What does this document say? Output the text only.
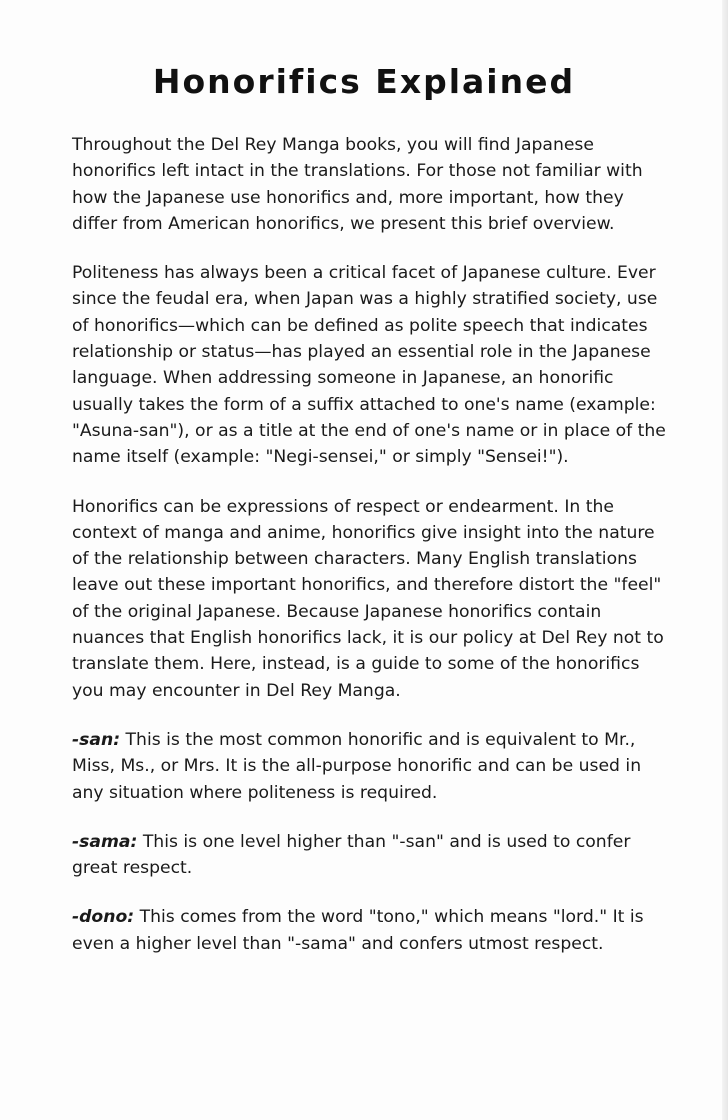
Honorifics Explained

Throughout the Del Rey Manga books, you will find Japanese honorifics left intact in the translations. For those not familiar with how the Japanese use honorifics and, more important, how they differ from American honorifics, we present this brief overview.

Politeness has always been a critical facet of Japanese culture. Ever since the feudal era, when Japan was a highly stratified society, use of honorifics—which can be defined as polite speech that indicates relationship or status—has played an essential role in the Japanese language. When addressing someone in Japanese, an honorific usually takes the form of a suffix attached to one's name (example: "Asuna-san"), or as a title at the end of one's name or in place of the name itself (example: "Negi-sensei," or simply "Sensei!").

Honorifics can be expressions of respect or endearment. In the context of manga and anime, honorifics give insight into the nature of the relationship between characters. Many English translations leave out these important honorifics, and therefore distort the "feel" of the original Japanese. Because Japanese honorifics contain nuances that English honorifics lack, it is our policy at Del Rey not to translate them. Here, instead, is a guide to some of the honorifics you may encounter in Del Rey Manga.

-san: This is the most common honorific and is equivalent to Mr., Miss, Ms., or Mrs. It is the all-purpose honorific and can be used in any situation where politeness is required.

-sama: This is one level higher than "-san" and is used to confer great respect.

-dono: This comes from the word "tono," which means "lord." It is even a higher level than "-sama" and confers utmost respect.
